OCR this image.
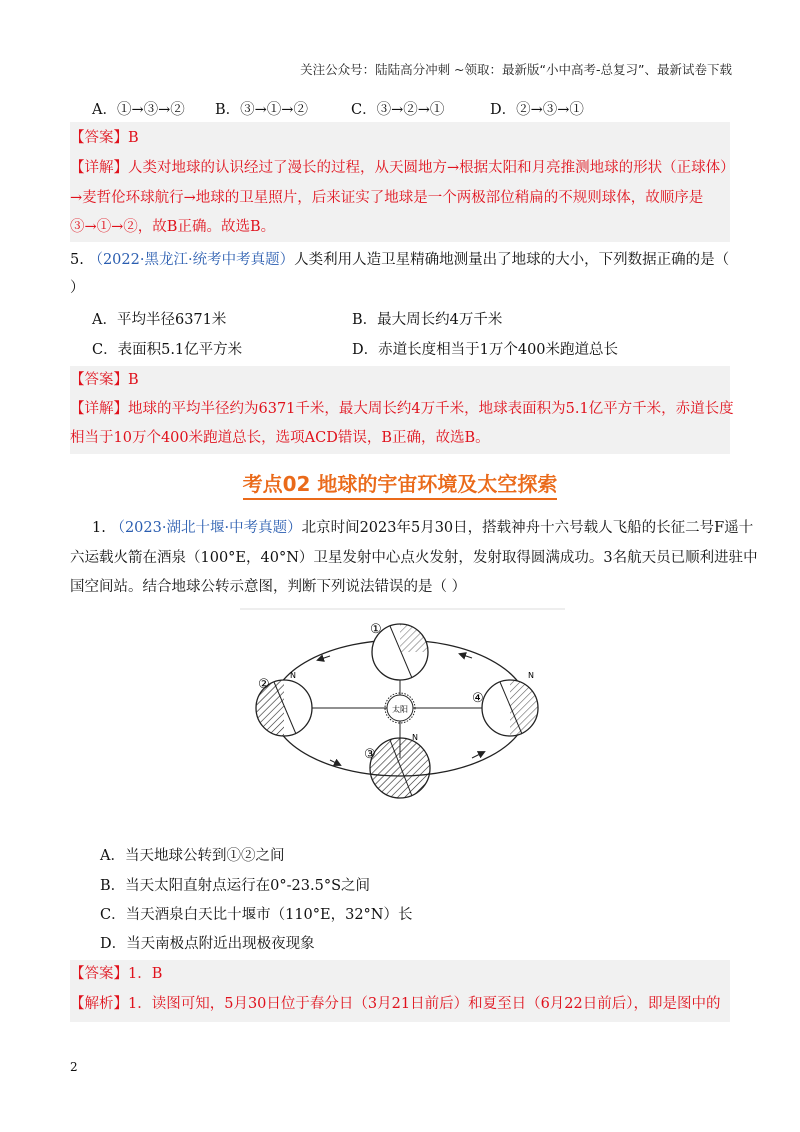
关注公众号：陆陆高分冲刺 ~领取：最新版“小中高考-总复习”、最新试卷下载
A．①→③→② B．③→①→②	C．③→②→①	D．②→③→①
【答案】B
【详解】人类对地球的认识经过了漫长的过程，从天圆地方→根据太阳和月亮推测地球的形状（正球体）
→麦哲伦环球航行→地球的卫星照片，后来证实了地球是一个两极部位稍扁的不规则球体，故顺序是
③→①→②，故B正确。故选B。
5. （2022·黑龙江·统考中考真题）人类利用人造卫星精确地测量出了地球的大小，下列数据正确的是（
）
A．平均半径6371米	B．最大周长约4万千米
C．表面积5.1亿平方米	D．赤道长度相当于1万个400米跑道总长
【答案】B
【详解】地球的平均半径约为6371千米，最大周长约4万千米，地球表面积为5.1亿平方千米，赤道长度
相当于10万个400米跑道总长，选项ACD错误，B正确，故选B。
考点02 地球的宇宙环境及太空探索
1. （2023·湖北十堰·中考真题）北京时间2023年5月30日，搭载神舟十六号载人飞船的长征二号F遥十
六运载火箭在酒泉（100°E，40°N）卫星发射中心点火发射，发射取得圆满成功。3名航天员已顺利进驻中
国空间站。结合地球公转示意图，判断下列说法错误的是（ ）
太阳
①
②
N
③
N
④
N
A．当天地球公转到①②之间
B．当天太阳直射点运行在0°-23.5°S之间
C．当天酒泉白天比十堰市（110°E，32°N）长
D．当天南极点附近出现极夜现象
【答案】1．B
【解析】1．读图可知，5月30日位于春分日（3月21日前后）和夏至日（6月22日前后），即是图中的
2
